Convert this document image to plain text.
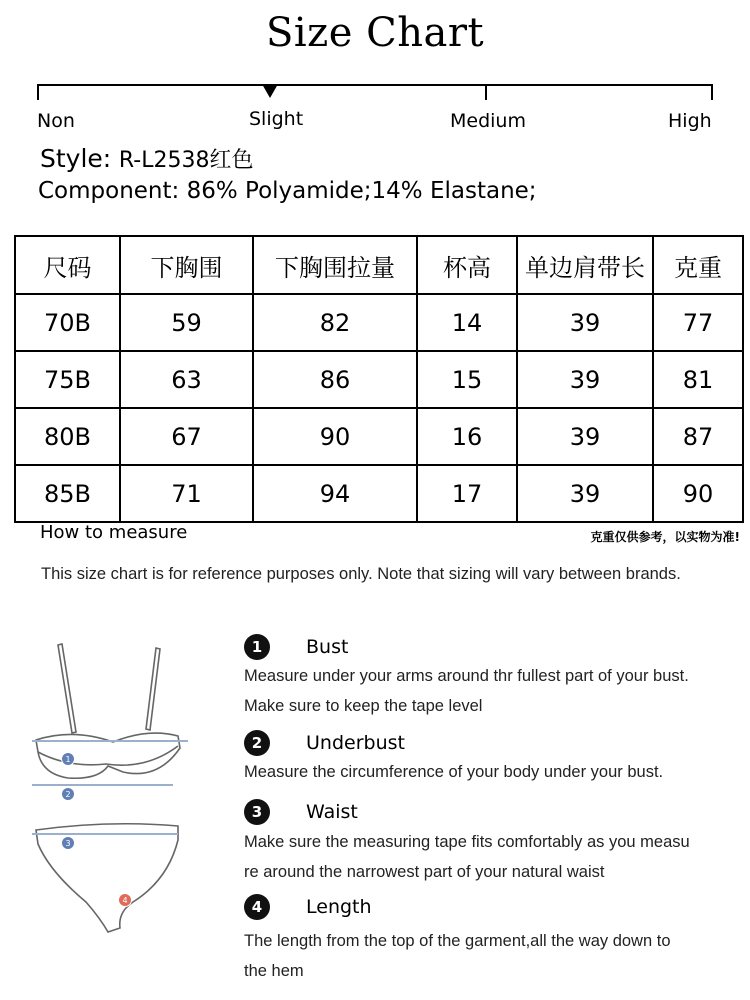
Size Chart
Non	Slight	Medium	High
Style: R-L2538红色
Component: 86% Polyamide;14% Elastane;
尺码	下胸围	下胸围拉量	杯高	单边肩带长	克重
70B	59	82	14	39	77
75B	63	86	15	39	81
80B	67	90	16	39	87
85B	71	94	17	39	90
How to measure	克重仅供参考，以实物为准!
This size chart is for reference purposes only. Note that sizing will vary between brands.
1
2
3
4
1	Bust
Measure under your arms around thr fullest part of your bust.
Make sure to keep the tape level
2	Underbust
Measure the circumference of your body under your bust.
3	Waist
Make sure the measuring tape fits comfortably as you measu
re around the narrowest part of your natural waist
4	Length
The length from the top of the garment,all the way down to
the hem
